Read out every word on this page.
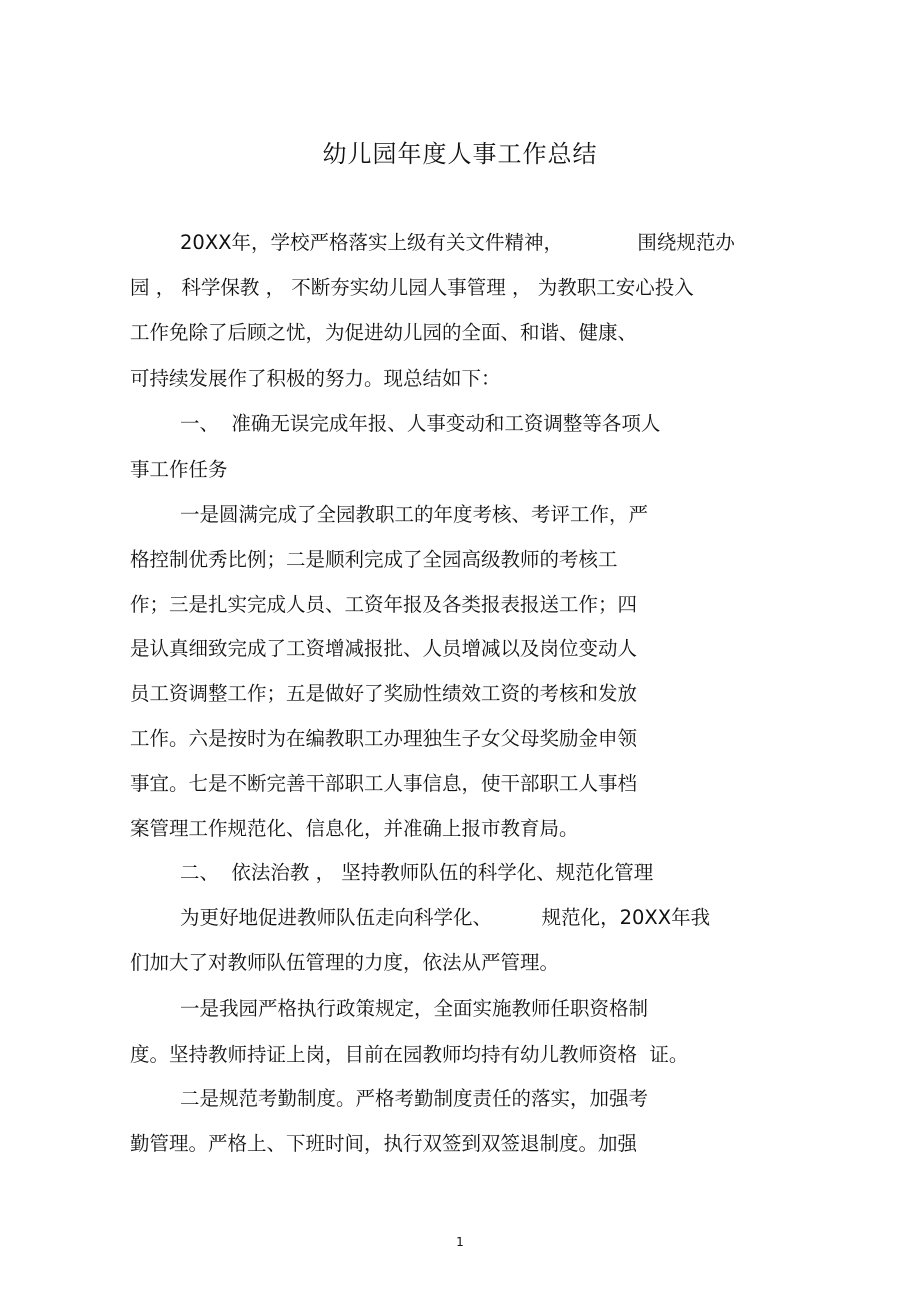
幼儿园年度人事工作总结

20XX年，学校严格落实上级有关文件精神，            围绕规范办

园 ， 科学保教 ， 不断夯实幼儿园人事管理 ， 为教职工安心投入

工作免除了后顾之忧，为促进幼儿园的全面、和谐、健康、

可持续发展作了积极的努力。现总结如下：

一、  准确无误完成年报、人事变动和工资调整等各项人

事工作任务

一是圆满完成了全园教职工的年度考核、考评工作，严

格控制优秀比例；二是顺利完成了全园高级教师的考核工

作；三是扎实完成人员、工资年报及各类报表报送工作；四

是认真细致完成了工资增减报批、人员增减以及岗位变动人

员工资调整工作；五是做好了奖励性绩效工资的考核和发放

工作。六是按时为在编教职工办理独生子女父母奖励金申领

事宜。七是不断完善干部职工人事信息，使干部职工人事档

案管理工作规范化、信息化，并准确上报市教育局。

二、  依法治教 ， 坚持教师队伍的科学化、规范化管理

为更好地促进教师队伍走向科学化、        规范化，20XX年我

们加大了对教师队伍管理的力度，依法从严管理。

一是我园严格执行政策规定，全面实施教师任职资格制

度。坚持教师持证上岗，目前在园教师均持有幼儿教师资格  证。

二是规范考勤制度。严格考勤制度责任的落实，加强考

勤管理。严格上、下班时间，执行双签到双签退制度。加强

1
